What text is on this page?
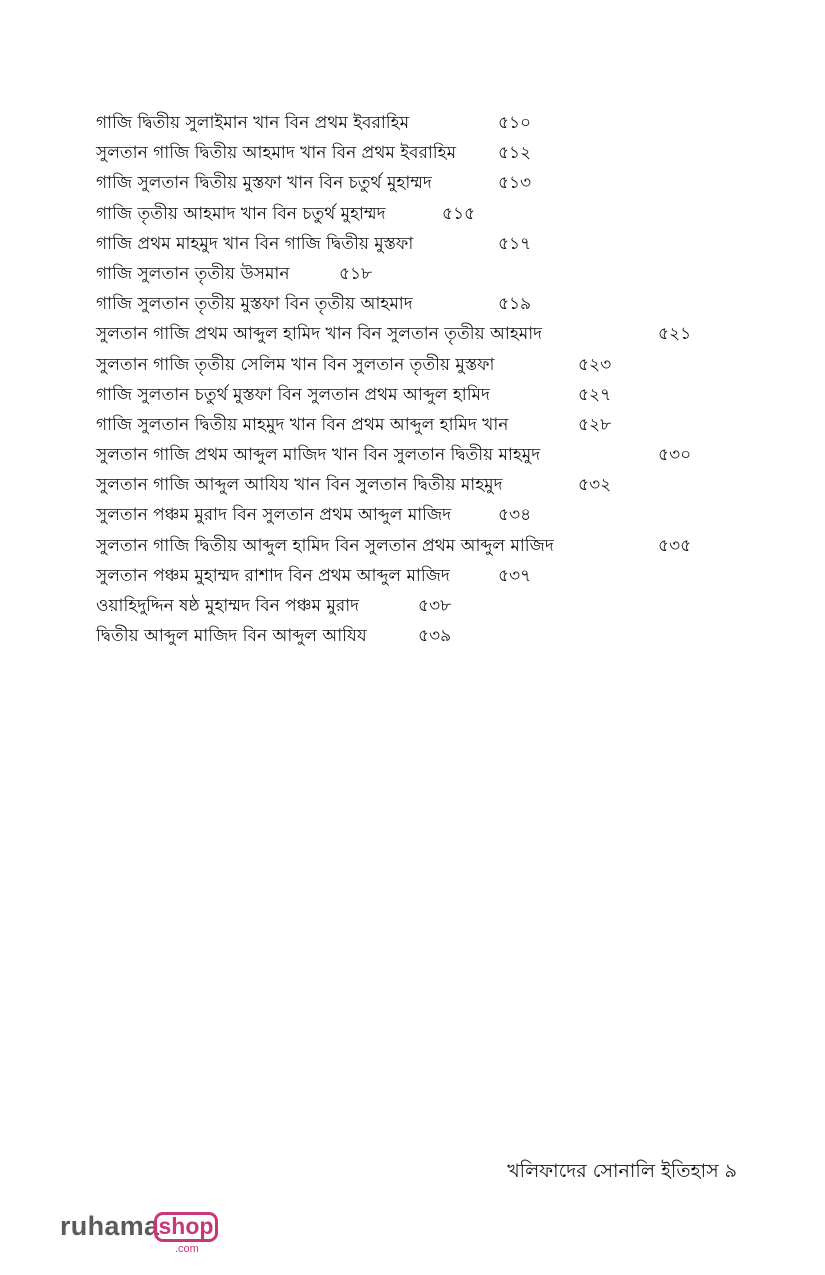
গাজি দ্বিতীয় সুলাইমান খান বিন প্রথম ইবরাহিম	৫১০
সুলতান গাজি দ্বিতীয় আহমাদ খান বিন প্রথম ইবরাহিম ৫১২
গাজি সুলতান দ্বিতীয় মুস্তফা খান বিন চতুর্থ মুহাম্মদ	৫১৩
গাজি তৃতীয় আহমাদ খান বিন চতুর্থ মুহাম্মদ	৫১৫
গাজি প্রথম মাহমুদ খান বিন গাজি দ্বিতীয় মুস্তফা	৫১৭
গাজি সুলতান তৃতীয় উসমান	৫১৮
গাজি সুলতান তৃতীয় মুস্তফা বিন তৃতীয় আহমাদ	৫১৯
সুলতান গাজি প্রথম আব্দুল হামিদ খান বিন সুলতান তৃতীয় আহমাদ	৫২১
সুলতান গাজি তৃতীয় সেলিম খান বিন সুলতান তৃতীয় মুস্তফা	৫২৩
গাজি সুলতান চতুর্থ মুস্তফা বিন সুলতান প্রথম আব্দুল হামিদ	৫২৭
গাজি সুলতান দ্বিতীয় মাহমুদ খান বিন প্রথম আব্দুল হামিদ খান	৫২৮
সুলতান গাজি প্রথম আব্দুল মাজিদ খান বিন সুলতান দ্বিতীয় মাহমুদ	৫৩০
সুলতান গাজি আব্দুল আযিয খান বিন সুলতান দ্বিতীয় মাহমুদ	৫৩২
সুলতান পঞ্চম মুরাদ বিন সুলতান প্রথম আব্দুল মাজিদ	৫৩৪
সুলতান গাজি দ্বিতীয় আব্দুল হামিদ বিন সুলতান প্রথম আব্দুল মাজিদ	৫৩৫
সুলতান পঞ্চম মুহাম্মদ রাশাদ বিন প্রথম আব্দুল মাজিদ	৫৩৭
ওয়াহিদুদ্দিন ষষ্ঠ মুহাম্মদ বিন পঞ্চম মুরাদ	৫৩৮
দ্বিতীয় আব্দুল মাজিদ বিন আব্দুল আযিয	৫৩৯
খলিফাদের সোনালি ইতিহাস ৯
ruhama shop
.com
